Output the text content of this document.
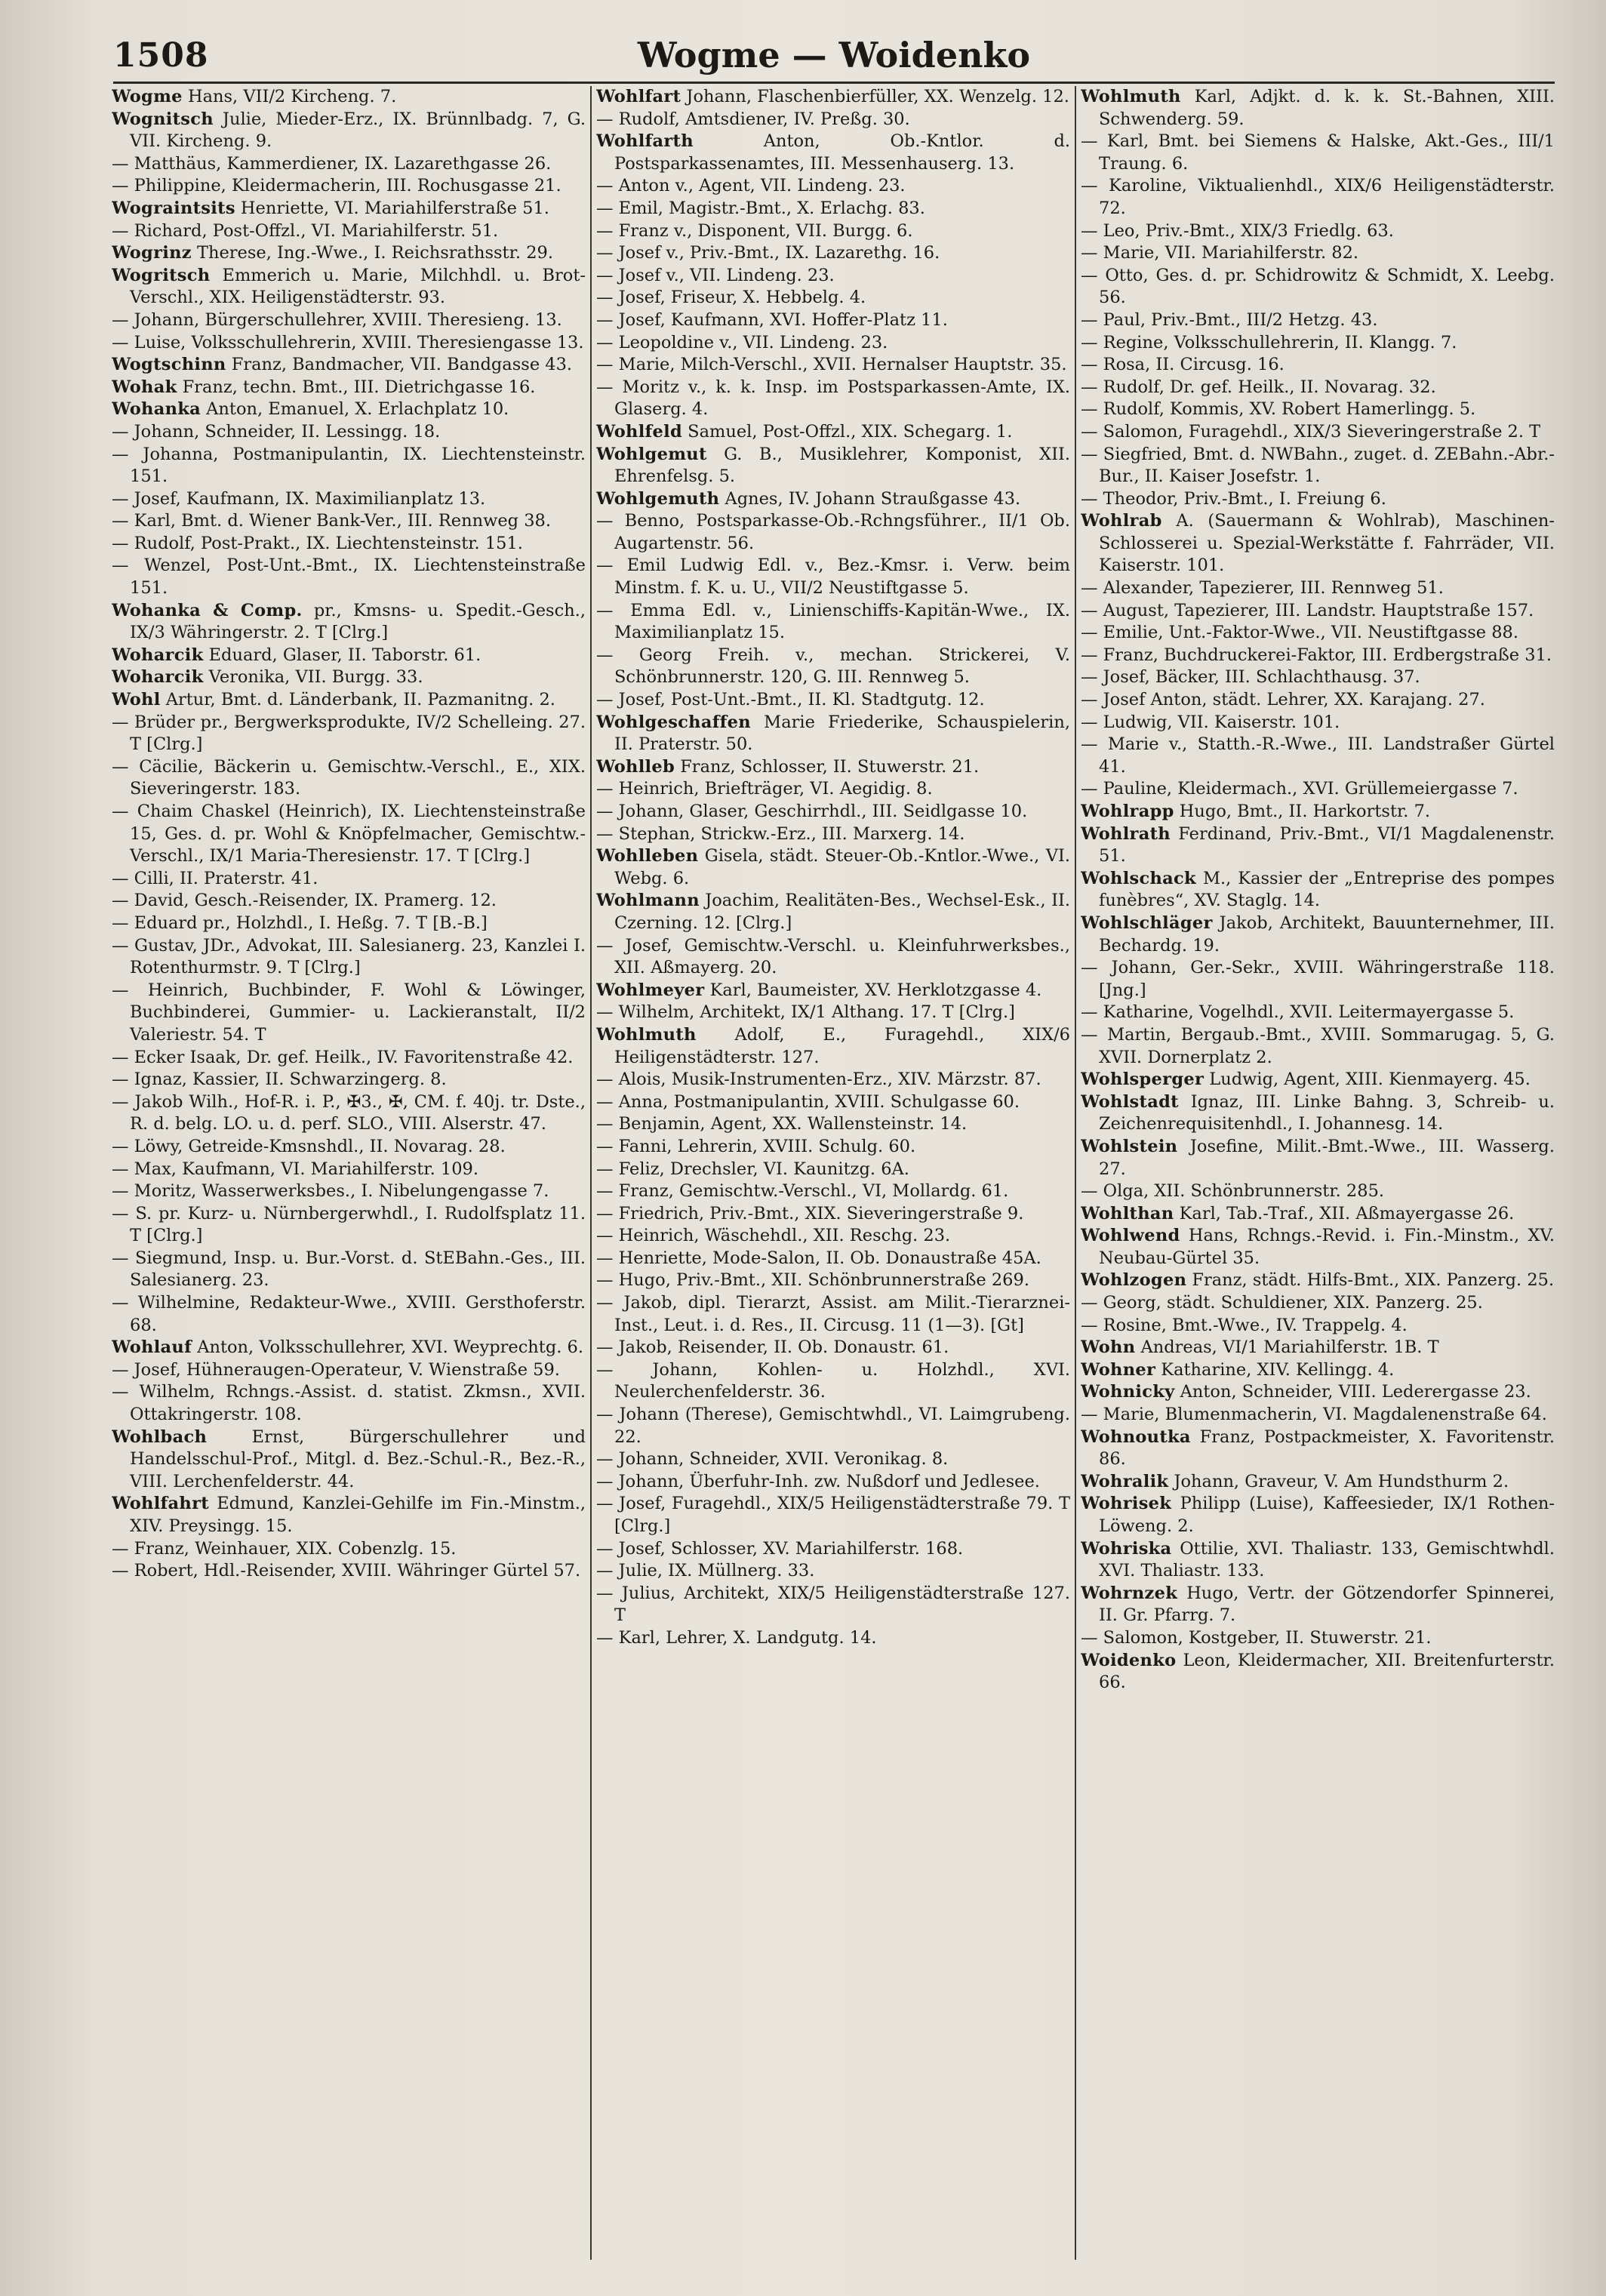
1508	Wogme — Woidenko

Wogme Hans, VII/2 Kircheng. 7.

Wognitsch Julie, Mieder-Erz., IX. Brünnlbadg. 7, G. VII. Kircheng. 9.

— Matthäus, Kammerdiener, IX. Lazarethgasse 26.

— Philippine, Kleidermacherin, III. Rochusgasse 21.

Wograintsits Henriette, VI. Mariahilferstraße 51.

— Richard, Post-Offzl., VI. Mariahilferstr. 51.

Wogrinz Therese, Ing.-Wwe., I. Reichsrathsstr. 29.

Wogritsch Emmerich u. Marie, Milchhdl. u. Brot-Verschl., XIX. Heiligenstädterstr. 93.

— Johann, Bürgerschullehrer, XVIII. Theresieng. 13.

— Luise, Volksschullehrerin, XVIII. Theresiengasse 13.

Wogtschinn Franz, Bandmacher, VII. Bandgasse 43.

Wohak Franz, techn. Bmt., III. Dietrichgasse 16.

Wohanka Anton, Emanuel, X. Erlachplatz 10.

— Johann, Schneider, II. Lessingg. 18.

— Johanna, Postmanipulantin, IX. Liechtensteinstr. 151.

— Josef, Kaufmann, IX. Maximilianplatz 13.

— Karl, Bmt. d. Wiener Bank-Ver., III. Rennweg 38.

— Rudolf, Post-Prakt., IX. Liechtensteinstr. 151.

— Wenzel, Post-Unt.-Bmt., IX. Liechtensteinstraße 151.

Wohanka & Comp. pr., Kmsns- u. Spedit.-Gesch., IX/3 Währingerstr. 2. T [Clrg.]

Woharcik Eduard, Glaser, II. Taborstr. 61.

Woharcik Veronika, VII. Burgg. 33.

Wohl Artur, Bmt. d. Länderbank, II. Pazmanitng. 2.

— Brüder pr., Bergwerksprodukte, IV/2 Schelleing. 27. T [Clrg.]

— Cäcilie, Bäckerin u. Gemischtw.-Verschl., E., XIX. Sieveringerstr. 183.

— Chaim Chaskel (Heinrich), IX. Liechtensteinstraße 15, Ges. d. pr. Wohl & Knöpfelmacher, Gemischtw.-Verschl., IX/1 Maria-Theresienstr. 17. T [Clrg.]

— Cilli, II. Praterstr. 41.

— David, Gesch.-Reisender, IX. Pramerg. 12.

— Eduard pr., Holzhdl., I. Heßg. 7. T [B.-B.]

— Gustav, JDr., Advokat, III. Salesianerg. 23, Kanzlei I. Rotenthurmstr. 9. T [Clrg.]

— Heinrich, Buchbinder, F. Wohl & Löwinger, Buchbinderei, Gummier- u. Lackieranstalt, II/2 Valeriestr. 54. T

— Ecker Isaak, Dr. gef. Heilk., IV. Favoritenstraße 42.

— Ignaz, Kassier, II. Schwarzingerg. 8.

— Jakob Wilh., Hof-R. i. P., ✠3., ✠, CM. f. 40j. tr. Dste., R. d. belg. LO. u. d. perf. SLO., VIII. Alserstr. 47.

— Löwy, Getreide-Kmsnshdl., II. Novarag. 28.

— Max, Kaufmann, VI. Mariahilferstr. 109.

— Moritz, Wasserwerksbes., I. Nibelungengasse 7.

— S. pr. Kurz- u. Nürnbergerwhdl., I. Rudolfsplatz 11. T [Clrg.]

— Siegmund, Insp. u. Bur.-Vorst. d. StEBahn.-Ges., III. Salesianerg. 23.

— Wilhelmine, Redakteur-Wwe., XVIII. Gersthoferstr. 68.

Wohlauf Anton, Volksschullehrer, XVI. Weyprechtg. 6.

— Josef, Hühneraugen-Operateur, V. Wienstraße 59.

— Wilhelm, Rchngs.-Assist. d. statist. Zkmsn., XVII. Ottakringerstr. 108.

Wohlbach Ernst, Bürgerschullehrer und Handelsschul-Prof., Mitgl. d. Bez.-Schul.-R., Bez.-R., VIII. Lerchenfelderstr. 44.

Wohlfahrt Edmund, Kanzlei-Gehilfe im Fin.-Minstm., XIV. Preysingg. 15.

— Franz, Weinhauer, XIX. Cobenzlg. 15.

— Robert, Hdl.-Reisender, XVIII. Währinger Gürtel 57.

Wohlfart Johann, Flaschenbierfüller, XX. Wenzelg. 12.

— Rudolf, Amtsdiener, IV. Preßg. 30.

Wohlfarth Anton, Ob.-Kntlor. d. Postsparkassenamtes, III. Messenhauserg. 13.

— Anton v., Agent, VII. Lindeng. 23.

— Emil, Magistr.-Bmt., X. Erlachg. 83.

— Franz v., Disponent, VII. Burgg. 6.

— Josef v., Priv.-Bmt., IX. Lazarethg. 16.

— Josef v., VII. Lindeng. 23.

— Josef, Friseur, X. Hebbelg. 4.

— Josef, Kaufmann, XVI. Hoffer-Platz 11.

— Leopoldine v., VII. Lindeng. 23.

— Marie, Milch-Verschl., XVII. Hernalser Hauptstr. 35.

— Moritz v., k. k. Insp. im Postsparkassen-Amte, IX. Glaserg. 4.

Wohlfeld Samuel, Post-Offzl., XIX. Schegarg. 1.

Wohlgemut G. B., Musiklehrer, Komponist, XII. Ehrenfelsg. 5.

Wohlgemuth Agnes, IV. Johann Straußgasse 43.

— Benno, Postsparkasse-Ob.-Rchngsführer., II/1 Ob. Augartenstr. 56.

— Emil Ludwig Edl. v., Bez.-Kmsr. i. Verw. beim Minstm. f. K. u. U., VII/2 Neustiftgasse 5.

— Emma Edl. v., Linienschiffs-Kapitän-Wwe., IX. Maximilianplatz 15.

— Georg Freih. v., mechan. Strickerei, V. Schönbrunnerstr. 120, G. III. Rennweg 5.

— Josef, Post-Unt.-Bmt., II. Kl. Stadtgutg. 12.

Wohlgeschaffen Marie Friederike, Schauspielerin, II. Praterstr. 50.

Wohlleb Franz, Schlosser, II. Stuwerstr. 21.

— Heinrich, Briefträger, VI. Aegidig. 8.

— Johann, Glaser, Geschirrhdl., III. Seidlgasse 10.

— Stephan, Strickw.-Erz., III. Marxerg. 14.

Wohlleben Gisela, städt. Steuer-Ob.-Kntlor.-Wwe., VI. Webg. 6.

Wohlmann Joachim, Realitäten-Bes., Wechsel-Esk., II. Czerning. 12. [Clrg.]

— Josef, Gemischtw.-Verschl. u. Kleinfuhrwerksbes., XII. Aßmayerg. 20.

Wohlmeyer Karl, Baumeister, XV. Herklotzgasse 4.

— Wilhelm, Architekt, IX/1 Althang. 17. T [Clrg.]

Wohlmuth Adolf, E., Furagehdl., XIX/6 Heiligenstädterstr. 127.

— Alois, Musik-Instrumenten-Erz., XIV. Märzstr. 87.

— Anna, Postmanipulantin, XVIII. Schulgasse 60.

— Benjamin, Agent, XX. Wallensteinstr. 14.

— Fanni, Lehrerin, XVIII. Schulg. 60.

— Feliz, Drechsler, VI. Kaunitzg. 6A.

— Franz, Gemischtw.-Verschl., VI, Mollardg. 61.

— Friedrich, Priv.-Bmt., XIX. Sieveringerstraße 9.

— Heinrich, Wäschehdl., XII. Reschg. 23.

— Henriette, Mode-Salon, II. Ob. Donaustraße 45A.

— Hugo, Priv.-Bmt., XII. Schönbrunnerstraße 269.

— Jakob, dipl. Tierarzt, Assist. am Milit.-Tierarznei-Inst., Leut. i. d. Res., II. Circusg. 11 (1—3). [Gt]

— Jakob, Reisender, II. Ob. Donaustr. 61.

— Johann, Kohlen- u. Holzhdl., XVI. Neulerchenfelderstr. 36.

— Johann (Therese), Gemischtwhdl., VI. Laimgrubeng. 22.

— Johann, Schneider, XVII. Veronikag. 8.

— Johann, Überfuhr-Inh. zw. Nußdorf und Jedlesee.

— Josef, Furagehdl., XIX/5 Heiligenstädterstraße 79. T [Clrg.]

— Josef, Schlosser, XV. Mariahilferstr. 168.

— Julie, IX. Müllnerg. 33.

— Julius, Architekt, XIX/5 Heiligenstädterstraße 127. T

— Karl, Lehrer, X. Landgutg. 14.

Wohlmuth Karl, Adjkt. d. k. k. St.-Bahnen, XIII. Schwenderg. 59.

— Karl, Bmt. bei Siemens & Halske, Akt.-Ges., III/1 Traung. 6.

— Karoline, Viktualienhdl., XIX/6 Heiligenstädterstr. 72.

— Leo, Priv.-Bmt., XIX/3 Friedlg. 63.

— Marie, VII. Mariahilferstr. 82.

— Otto, Ges. d. pr. Schidrowitz & Schmidt, X. Leebg. 56.

— Paul, Priv.-Bmt., III/2 Hetzg. 43.

— Regine, Volksschullehrerin, II. Klangg. 7.

— Rosa, II. Circusg. 16.

— Rudolf, Dr. gef. Heilk., II. Novarag. 32.

— Rudolf, Kommis, XV. Robert Hamerlingg. 5.

— Salomon, Furagehdl., XIX/3 Sieveringerstraße 2. T

— Siegfried, Bmt. d. NWBahn., zuget. d. ZEBahn.-Abr.-Bur., II. Kaiser Josefstr. 1.

— Theodor, Priv.-Bmt., I. Freiung 6.

Wohlrab A. (Sauermann & Wohlrab), Maschinen-Schlosserei u. Spezial-Werkstätte f. Fahrräder, VII. Kaiserstr. 101.

— Alexander, Tapezierer, III. Rennweg 51.

— August, Tapezierer, III. Landstr. Hauptstraße 157.

— Emilie, Unt.-Faktor-Wwe., VII. Neustiftgasse 88.

— Franz, Buchdruckerei-Faktor, III. Erdbergstraße 31.

— Josef, Bäcker, III. Schlachthausg. 37.

— Josef Anton, städt. Lehrer, XX. Karajang. 27.

— Ludwig, VII. Kaiserstr. 101.

— Marie v., Statth.-R.-Wwe., III. Landstraßer Gürtel 41.

— Pauline, Kleidermach., XVI. Grüllemeiergasse 7.

Wohlrapp Hugo, Bmt., II. Harkortstr. 7.

Wohlrath Ferdinand, Priv.-Bmt., VI/1 Magdalenenstr. 51.

Wohlschack M., Kassier der „Entreprise des pompes funèbres“, XV. Staglg. 14.

Wohlschläger Jakob, Architekt, Bauunternehmer, III. Bechardg. 19.

— Johann, Ger.-Sekr., XVIII. Währingerstraße 118. [Jng.]

— Katharine, Vogelhdl., XVII. Leitermayergasse 5.

— Martin, Bergaub.-Bmt., XVIII. Sommarugag. 5, G. XVII. Dornerplatz 2.

Wohlsperger Ludwig, Agent, XIII. Kienmayerg. 45.

Wohlstadt Ignaz, III. Linke Bahng. 3, Schreib- u. Zeichenrequisitenhdl., I. Johannesg. 14.

Wohlstein Josefine, Milit.-Bmt.-Wwe., III. Wasserg. 27.

— Olga, XII. Schönbrunnerstr. 285.

Wohlthan Karl, Tab.-Traf., XII. Aßmayergasse 26.

Wohlwend Hans, Rchngs.-Revid. i. Fin.-Minstm., XV. Neubau-Gürtel 35.

Wohlzogen Franz, städt. Hilfs-Bmt., XIX. Panzerg. 25.

— Georg, städt. Schuldiener, XIX. Panzerg. 25.

— Rosine, Bmt.-Wwe., IV. Trappelg. 4.

Wohn Andreas, VI/1 Mariahilferstr. 1B. T

Wohner Katharine, XIV. Kellingg. 4.

Wohnicky Anton, Schneider, VIII. Lederergasse 23.

— Marie, Blumenmacherin, VI. Magdalenenstraße 64.

Wohnoutka Franz, Postpackmeister, X. Favoritenstr. 86.

Wohralik Johann, Graveur, V. Am Hundsthurm 2.

Wohrisek Philipp (Luise), Kaffeesieder, IX/1 Rothen-Löweng. 2.

Wohriska Ottilie, XVI. Thaliastr. 133, Gemischtwhdl. XVI. Thaliastr. 133.

Wohrnzek Hugo, Vertr. der Götzendorfer Spinnerei, II. Gr. Pfarrg. 7.

— Salomon, Kostgeber, II. Stuwerstr. 21.

Woidenko Leon, Kleidermacher, XII. Breitenfurterstr. 66.
